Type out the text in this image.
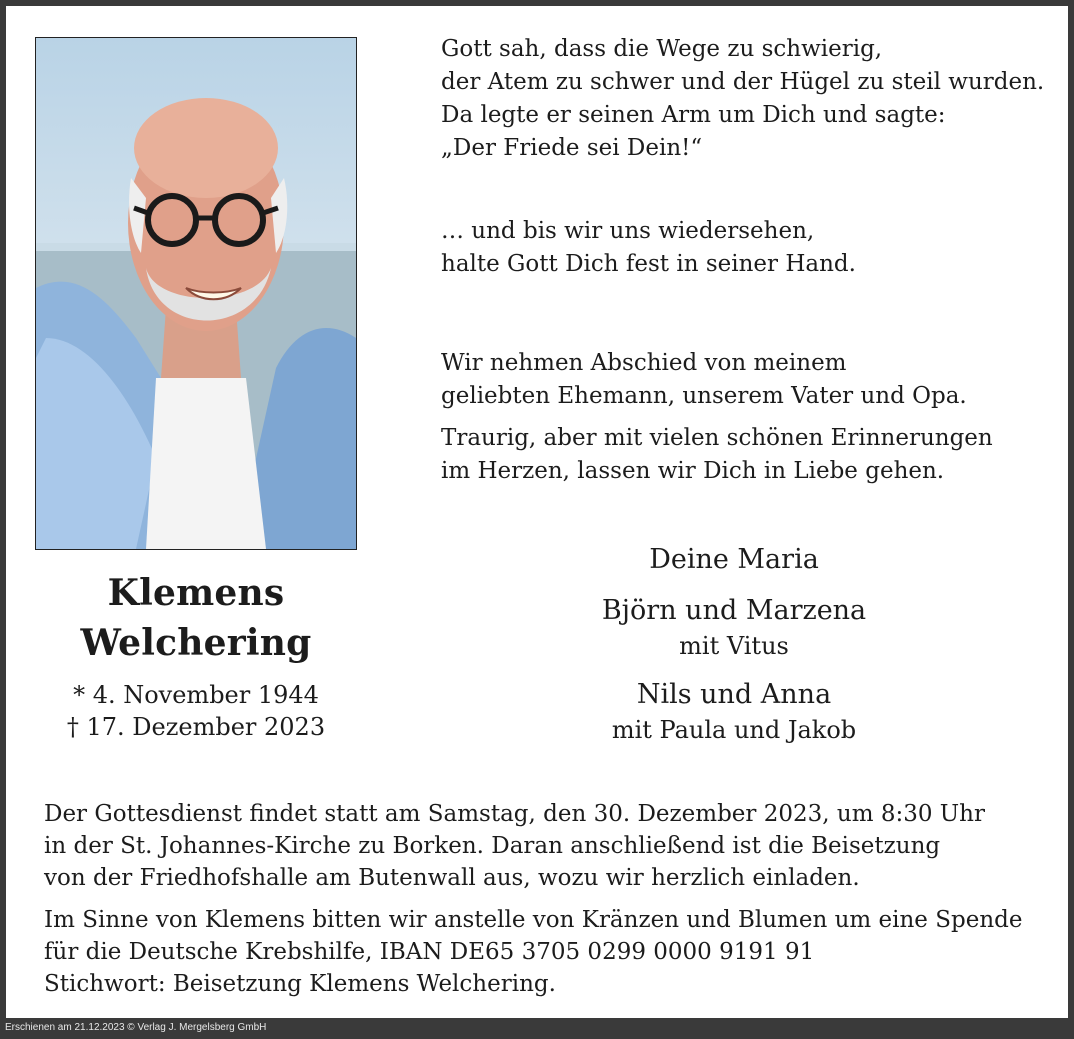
Klemens
Welchering
* 4. November 1944
† 17. Dezember 2023
Gott sah, dass die Wege zu schwierig,
der Atem zu schwer und der Hügel zu steil wurden.
Da legte er seinen Arm um Dich und sagte:
„Der Friede sei Dein!“
… und bis wir uns wiedersehen,
halte Gott Dich fest in seiner Hand.
Wir nehmen Abschied von meinem
geliebten Ehemann, unserem Vater und Opa.
Traurig, aber mit vielen schönen Erinnerungen
im Herzen, lassen wir Dich in Liebe gehen.
Deine Maria
Björn und Marzena
mit Vitus
Nils und Anna
mit Paula und Jakob
Der Gottesdienst findet statt am Samstag, den 30. Dezember 2023, um 8:30 Uhr
in der St. Johannes-Kirche zu Borken. Daran anschließend ist die Beisetzung
von der Friedhofshalle am Butenwall aus, wozu wir herzlich einladen.
Im Sinne von Klemens bitten wir anstelle von Kränzen und Blumen um eine Spende
für die Deutsche Krebshilfe, IBAN DE65 3705 0299 0000 9191 91
Stichwort: Beisetzung Klemens Welchering.
Erschienen am 21.12.2023 © Verlag J. Mergelsberg GmbH
